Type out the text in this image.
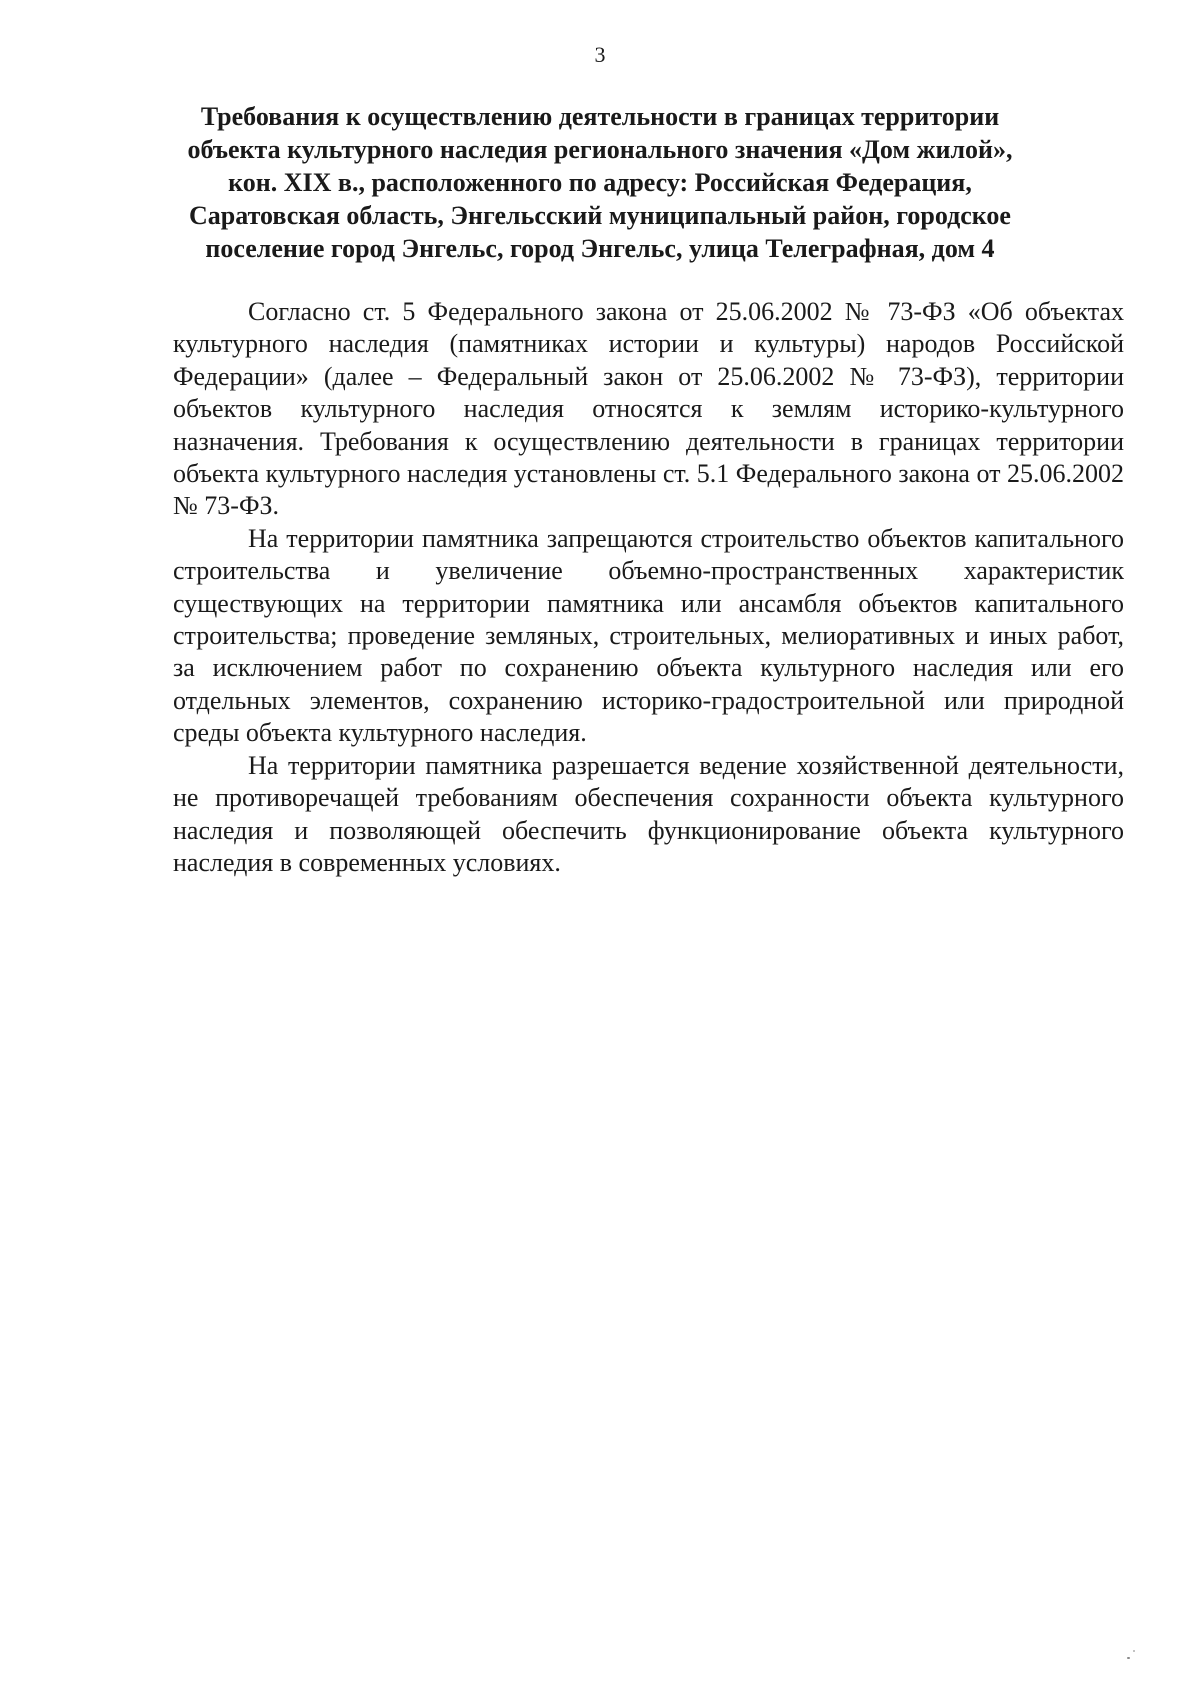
3
Требования к осуществлению деятельности в границах территории
объекта культурного наследия регионального значения «Дом жилой»,
кон. XIX в., расположенного по адресу: Российская Федерация,
Саратовская область, Энгельсский муниципальный район, городское
поселение город Энгельс, город Энгельс, улица Телеграфная, дом 4

Согласно ст. 5 Федерального закона от 25.06.2002 № 73-ФЗ «Об объектах культурного наследия (памятниках истории и культуры) народов Российской Федерации» (далее – Федеральный закон от 25.06.2002 № 73-ФЗ), территории объектов культурного наследия относятся к землям историко-культурного назначения. Требования к осуществлению деятельности в границах территории объекта культурного наследия установлены ст. 5.1 Федерального закона от 25.06.2002 № 73-ФЗ.

На территории памятника запрещаются строительство объектов капитального строительства и увеличение объемно-пространственных характеристик существующих на территории памятника или ансамбля объектов капитального строительства; проведение земляных, строительных, мелиоративных и иных работ, за исключением работ по сохранению объекта культурного наследия или его отдельных элементов, сохранению историко-градостроительной или природной среды объекта культурного наследия.

На территории памятника разрешается ведение хозяйственной деятельности, не противоречащей требованиям обеспечения сохранности объекта культурного наследия и позволяющей обеспечить функционирование объекта культурного наследия в современных условиях.
